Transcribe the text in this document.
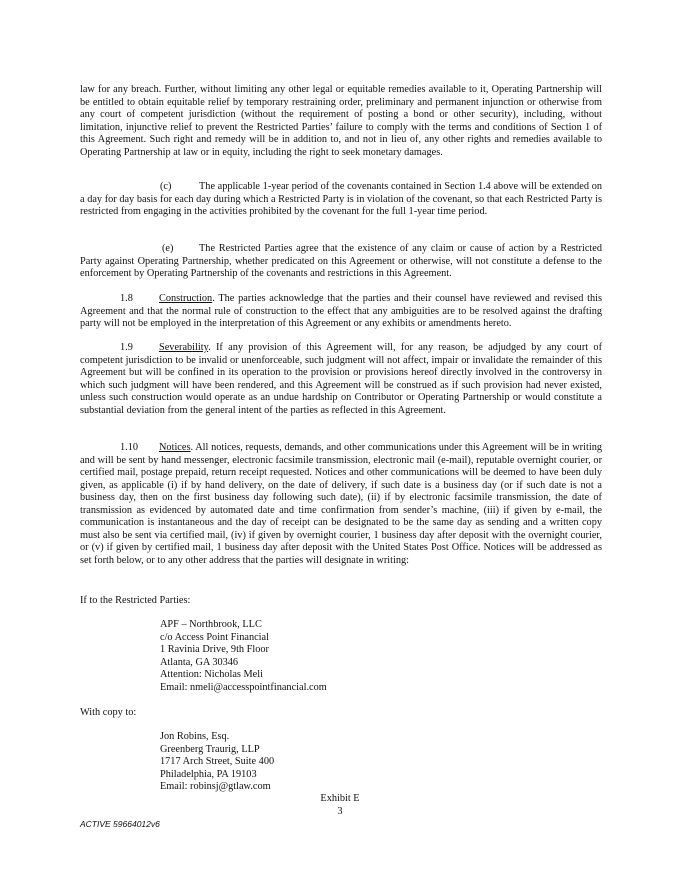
law for any breach. Further, without limiting any other legal or equitable remedies available to it, Operating Partnership will be entitled to obtain equitable relief by temporary restraining order, preliminary and permanent injunction or otherwise from any court of competent jurisdiction (without the requirement of posting a bond or other security), including, without limitation, injunctive relief to prevent the Restricted Parties’ failure to comply with the terms and conditions of Section 1 of this Agreement. Such right and remedy will be in addition to, and not in lieu of, any other rights and remedies available to Operating Partnership at law or in equity, including the right to seek monetary damages.

(c)	The applicable 1-year period of the covenants contained in Section 1.4 above will be extended on a day for day basis for each day during which a Restricted Party is in violation of the covenant, so that each Restricted Party is restricted from engaging in the activities prohibited by the covenant for the full 1-year time period.

(e) The Restricted Parties agree that the existence of any claim or cause of action by a Restricted Party against Operating Partnership, whether predicated on this Agreement or otherwise, will not constitute a defense to the enforcement by Operating Partnership of the covenants and restrictions in this Agreement.

1.8	Construction. The parties acknowledge that the parties and their counsel have reviewed and revised this Agreement and that the normal rule of construction to the effect that any ambiguities are to be resolved against the drafting party will not be employed in the interpretation of this Agreement or any exhibits or amendments hereto.

1.9	Severability. If any provision of this Agreement will, for any reason, be adjudged by any court of competent jurisdiction to be invalid or unenforceable, such judgment will not affect, impair or invalidate the remainder of this Agreement but will be confined in its operation to the provision or provisions hereof directly involved in the controversy in which such judgment will have been rendered, and this Agreement will be construed as if such provision had never existed, unless such construction would operate as an undue hardship on Contributor or Operating Partnership or would constitute a substantial deviation from the general intent of the parties as reflected in this Agreement.

1.10 Notices. All notices, requests, demands, and other communications under this Agreement will be in writing and will be sent by hand messenger, electronic facsimile transmission, electronic mail (e-mail), reputable overnight courier, or certified mail, postage prepaid, return receipt requested. Notices and other communications will be deemed to have been duly given, as applicable (i) if by hand delivery, on the date of delivery, if such date is a business day (or if such date is not a business day, then on the first business day following such date), (ii) if by electronic facsimile transmission, the date of transmission as evidenced by automated date and time confirmation from sender’s machine, (iii) if given by e-mail, the communication is instantaneous and the day of receipt can be designated to be the same day as sending and a written copy must also be sent via certified mail, (iv) if given by overnight courier, 1 business day after deposit with the overnight courier, or (v) if given by certified mail, 1 business day after deposit with the United States Post Office. Notices will be addressed as set forth below, or to any other address that the parties will designate in writing:

If to the Restricted Parties:
APF – Northbrook, LLC
c/o Access Point Financial
1 Ravinia Drive, 9th Floor
Atlanta, GA 30346
Attention: Nicholas Meli
Email: nmeli@accesspointfinancial.com
With copy to:
Jon Robins, Esq.
Greenberg Traurig, LLP
1717 Arch Street, Suite 400
Philadelphia, PA 19103
Email: robinsj@gtlaw.com
Exhibit E
3
ACTIVE 59664012v6
